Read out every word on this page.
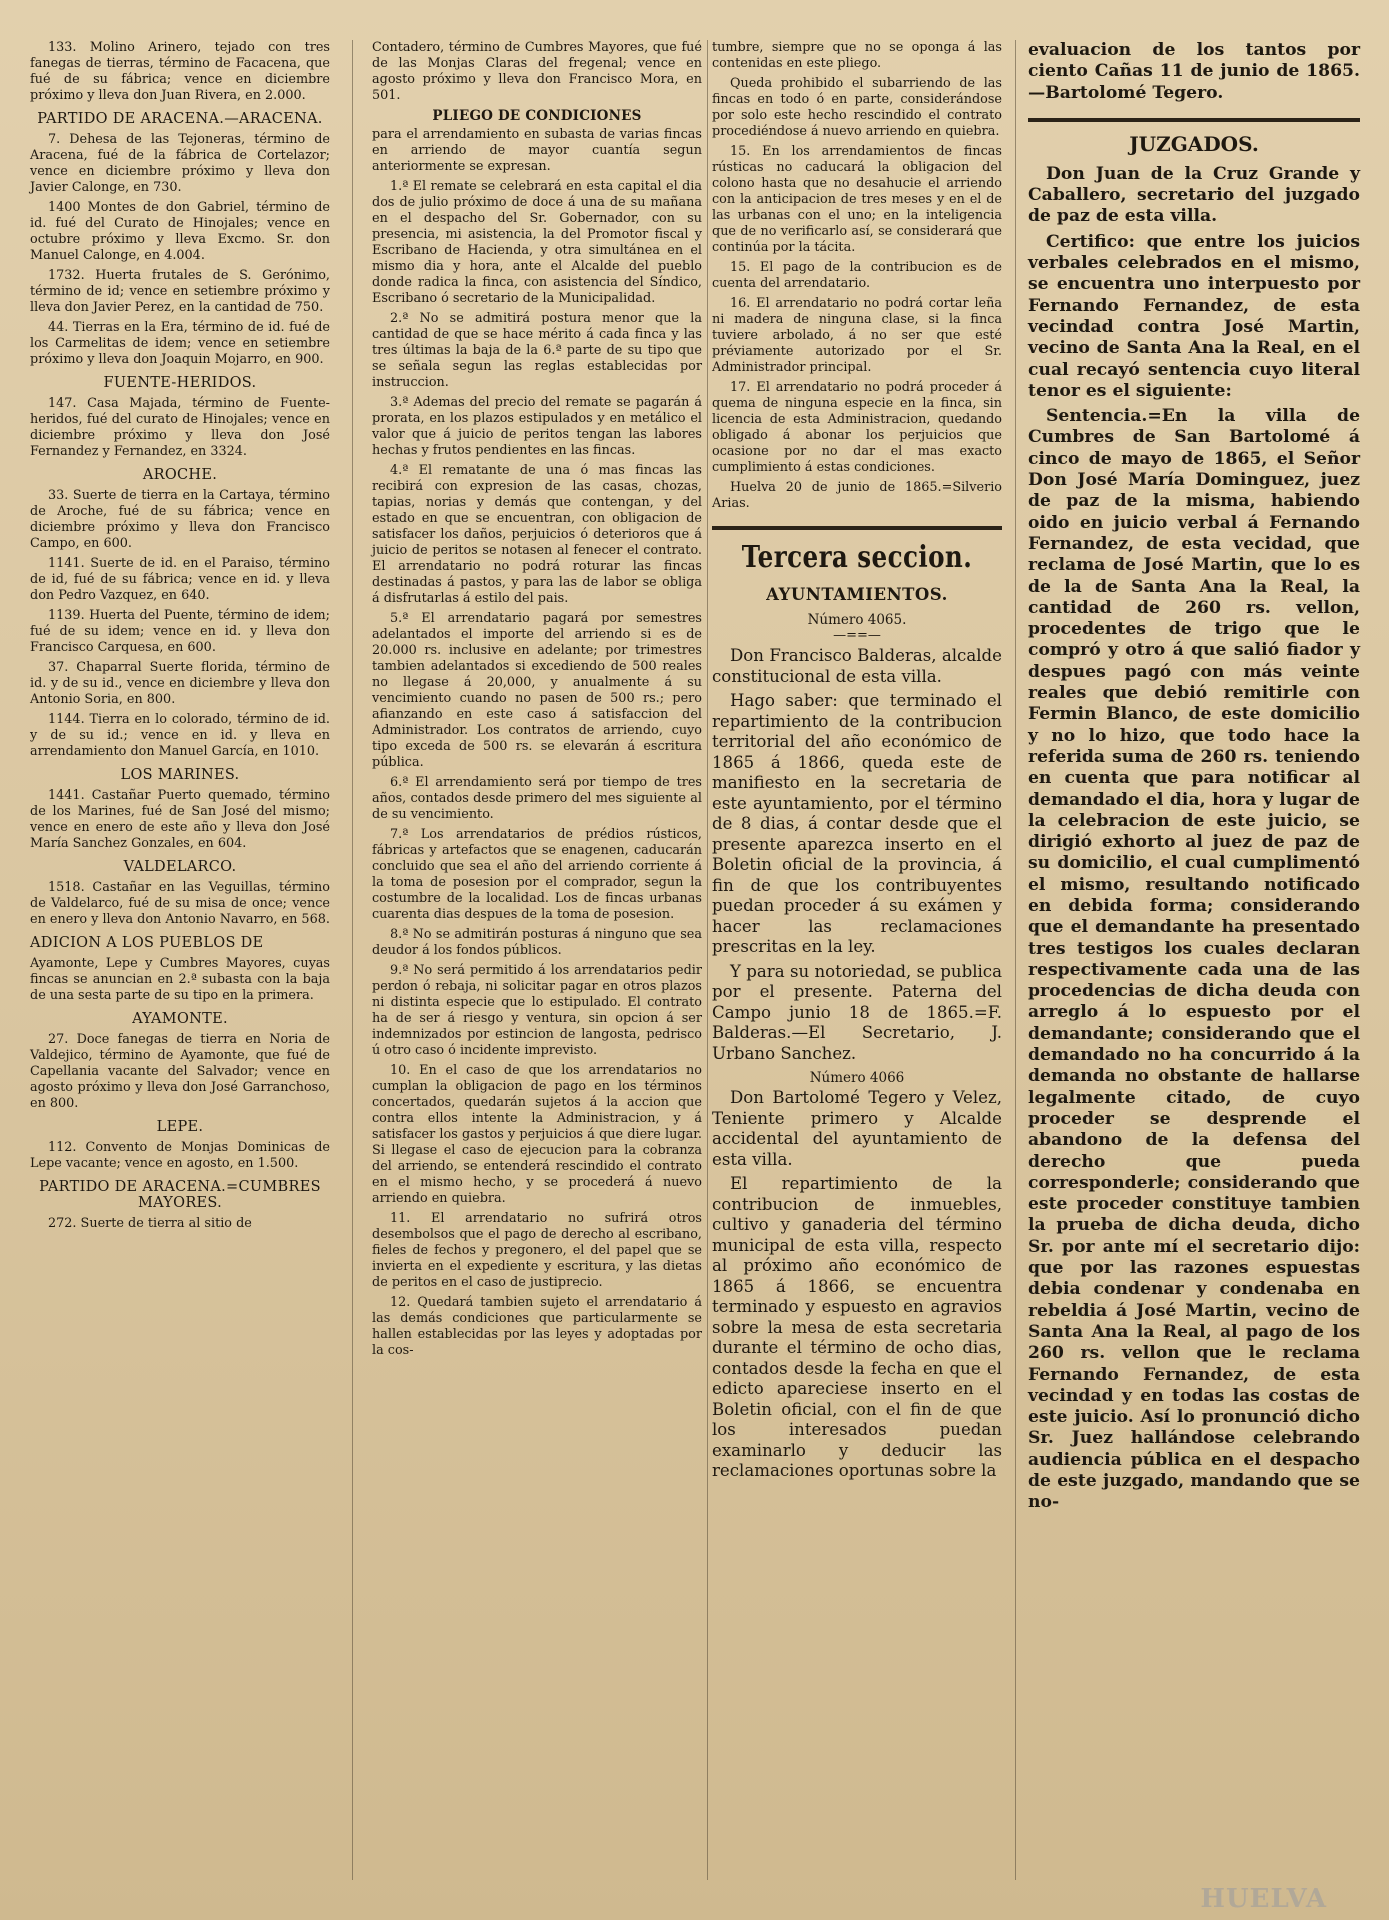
133. Molino Arinero, tejado con tres fanegas de tierras, término de Facacena, que fué de su fábrica; vence en diciembre próximo y lleva don Juan Rivera, en 2.000.

PARTIDO DE ARACENA.—ARACENA.

7. Dehesa de las Tejoneras, término de Aracena, fué de la fábrica de Cortelazor; vence en diciembre próximo y lleva don Javier Calonge, en 730.

1400 Montes de don Gabriel, término de id. fué del Curato de Hinojales; vence en octubre próximo y lleva Excmo. Sr. don Manuel Calonge, en 4.004.

1732. Huerta frutales de S. Gerónimo, término de id; vence en setiembre próximo y lleva don Javier Perez, en la cantidad de 750.

44. Tierras en la Era, término de id. fué de los Carmelitas de idem; vence en setiembre próximo y lleva don Joaquin Mojarro, en 900.

FUENTE-HERIDOS.

147. Casa Majada, término de Fuente-heridos, fué del curato de Hinojales; vence en diciembre próximo y lleva don José Fernandez y Fernandez, en 3324.

AROCHE.

33. Suerte de tierra en la Cartaya, término de Aroche, fué de su fábrica; vence en diciembre próximo y lleva don Francisco Campo, en 600.

1141. Suerte de id. en el Paraiso, término de id, fué de su fábrica; vence en id. y lleva don Pedro Vazquez, en 640.

1139. Huerta del Puente, término de idem; fué de su idem; vence en id. y lleva don Francisco Carquesa, en 600.

37. Chaparral Suerte florida, término de id. y de su id., vence en diciembre y lleva don Antonio Soria, en 800.

1144. Tierra en lo colorado, término de id. y de su id.; vence en id. y lleva en arrendamiento don Manuel García, en 1010.

LOS MARINES.

1441. Castañar Puerto quemado, término de los Marines, fué de San José del mismo; vence en enero de este año y lleva don José María Sanchez Gonzales, en 604.

VALDELARCO.

1518. Castañar en las Veguillas, término de Valdelarco, fué de su misa de once; vence en enero y lleva don Antonio Navarro, en 568.

ADICION A LOS PUEBLOS DE

Ayamonte, Lepe y Cumbres Mayores, cuyas fincas se anuncian en 2.ª subasta con la baja de una sesta parte de su tipo en la primera.

AYAMONTE.

27. Doce fanegas de tierra en Noria de Valdejico, término de Ayamonte, que fué de Capellania vacante del Salvador; vence en agosto próximo y lleva don José Garranchoso, en 800.

LEPE.

112. Convento de Monjas Dominicas de Lepe vacante; vence en agosto, en 1.500.

PARTIDO DE ARACENA.=CUMBRES MAYORES.

272. Suerte de tierra al sitio de

Contadero, término de Cumbres Mayores, que fué de las Monjas Claras del fregenal; vence en agosto próximo y lleva don Francisco Mora, en 501.

PLIEGO DE CONDICIONES

para el arrendamiento en subasta de varias fincas en arriendo de mayor cuantía segun anteriormente se expresan.

1.ª El remate se celebrará en esta capital el dia dos de julio próximo de doce á una de su mañana en el despacho del Sr. Gobernador, con su presencia, mi asistencia, la del Promotor fiscal y Escribano de Hacienda, y otra simultánea en el mismo dia y hora, ante el Alcalde del pueblo donde radica la finca, con asistencia del Síndico, Escribano ó secretario de la Municipalidad.

2.ª No se admitirá postura menor que la cantidad de que se hace mérito á cada finca y las tres últimas la baja de la 6.ª parte de su tipo que se señala segun las reglas establecidas por instruccion.

3.ª Ademas del precio del remate se pagarán á prorata, en los plazos estipulados y en metálico el valor que á juicio de peritos tengan las labores hechas y frutos pendientes en las fincas.

4.ª El rematante de una ó mas fincas las recibirá con expresion de las casas, chozas, tapias, norias y demás que contengan, y del estado en que se encuentran, con obligacion de satisfacer los daños, perjuicios ó deterioros que á juicio de peritos se notasen al fenecer el contrato. El arrendatario no podrá roturar las fincas destinadas á pastos, y para las de labor se obliga á disfrutarlas á estilo del pais.

5.ª El arrendatario pagará por semestres adelantados el importe del arriendo si es de 20.000 rs. inclusive en adelante; por trimestres tambien adelantados si excediendo de 500 reales no llegase á 20,000, y anualmente á su vencimiento cuando no pasen de 500 rs.; pero afianzando en este caso á satisfaccion del Administrador. Los contratos de arriendo, cuyo tipo exceda de 500 rs. se elevarán á escritura pública.

6.ª El arrendamiento será por tiempo de tres años, contados desde primero del mes siguiente al de su vencimiento.

7.ª Los arrendatarios de prédios rústicos, fábricas y artefactos que se enagenen, caducarán concluido que sea el año del arriendo corriente á la toma de posesion por el comprador, segun la costumbre de la localidad. Los de fincas urbanas cuarenta dias despues de la toma de posesion.

8.ª No se admitirán posturas á ninguno que sea deudor á los fondos públicos.

9.ª No será permitido á los arrendatarios pedir perdon ó rebaja, ni solicitar pagar en otros plazos ni distinta especie que lo estipulado. El contrato ha de ser á riesgo y ventura, sin opcion á ser indemnizados por estincion de langosta, pedrisco ú otro caso ó incidente imprevisto.

10. En el caso de que los arrendatarios no cumplan la obligacion de pago en los términos concertados, quedarán sujetos á la accion que contra ellos intente la Administracion, y á satisfacer los gastos y perjuicios á que diere lugar. Si llegase el caso de ejecucion para la cobranza del arriendo, se entenderá rescindido el contrato en el mismo hecho, y se procederá á nuevo arriendo en quiebra.

11. El arrendatario no sufrirá otros desembolsos que el pago de derecho al escribano, fieles de fechos y pregonero, el del papel que se invierta en el expediente y escritura, y las dietas de peritos en el caso de justiprecio.

12. Quedará tambien sujeto el arrendatario á las demás condiciones que particularmente se hallen establecidas por las leyes y adoptadas por la cos-

tumbre, siempre que no se oponga á las contenidas en este pliego.

Queda prohibido el subarriendo de las fincas en todo ó en parte, considerándose por solo este hecho rescindido el contrato procediéndose á nuevo arriendo en quiebra.

15. En los arrendamientos de fincas rústicas no caducará la obligacion del colono hasta que no desahucie el arriendo con la anticipacion de tres meses y en el de las urbanas con el uno; en la inteligencia que de no verificarlo así, se considerará que continúa por la tácita.

15. El pago de la contribucion es de cuenta del arrendatario.

16. El arrendatario no podrá cortar leña ni madera de ninguna clase, si la finca tuviere arbolado, á no ser que esté préviamente autorizado por el Sr. Administrador principal.

17. El arrendatario no podrá proceder á quema de ninguna especie en la finca, sin licencia de esta Administracion, quedando obligado á abonar los perjuicios que ocasione por no dar el mas exacto cumplimiento á estas condiciones.

Huelva 20 de junio de 1865.=Silverio Arias.

Tercera seccion.
AYUNTAMIENTOS.
Número 4065.
—==—

Don Francisco Balderas, alcalde constitucional de esta villa.

Hago saber: que terminado el repartimiento de la contribucion territorial del año económico de 1865 á 1866, queda este de manifiesto en la secretaria de este ayuntamiento, por el término de 8 dias, á contar desde que el presente aparezca inserto en el Boletin oficial de la provincia, á fin de que los contribuyentes puedan proceder á su exámen y hacer las reclamaciones prescritas en la ley.

Y para su notoriedad, se publica por el presente. Paterna del Campo junio 18 de 1865.=F. Balderas.—El Secretario, J. Urbano Sanchez.

Número 4066

Don Bartolomé Tegero y Velez, Teniente primero y Alcalde accidental del ayuntamiento de esta villa.

El repartimiento de la contribucion de inmuebles, cultivo y ganaderia del término municipal de esta villa, respecto al próximo año económico de 1865 á 1866, se encuentra terminado y espuesto en agravios sobre la mesa de esta secretaria durante el término de ocho dias, contados desde la fecha en que el edicto apareciese inserto en el Boletin oficial, con el fin de que los interesados puedan examinarlo y deducir las reclamaciones oportunas sobre la

evaluacion de los tantos por ciento Cañas 11 de junio de 1865.—Bartolomé Tegero.

JUZGADOS.

Don Juan de la Cruz Grande y Caballero, secretario del juzgado de paz de esta villa.

Certifico: que entre los juicios verbales celebrados en el mismo, se encuentra uno interpuesto por Fernando Fernandez, de esta vecindad contra José Martin, vecino de Santa Ana la Real, en el cual recayó sentencia cuyo literal tenor es el siguiente:

Sentencia.=En la villa de Cumbres de San Bartolomé á cinco de mayo de 1865, el Señor Don José María Dominguez, juez de paz de la misma, habiendo oido en juicio verbal á Fernando Fernandez, de esta vecidad, que reclama de José Martin, que lo es de la de Santa Ana la Real, la cantidad de 260 rs. vellon, procedentes de trigo que le compró y otro á que salió fiador y despues pagó con más veinte reales que debió remitirle con Fermin Blanco, de este domicilio y no lo hizo, que todo hace la referida suma de 260 rs. teniendo en cuenta que para notificar al demandado el dia, hora y lugar de la celebracion de este juicio, se dirigió exhorto al juez de paz de su domicilio, el cual cumplimentó el mismo, resultando notificado en debida forma; considerando que el demandante ha presentado tres testigos los cuales declaran respectivamente cada una de las procedencias de dicha deuda con arreglo á lo espuesto por el demandante; considerando que el demandado no ha concurrido á la demanda no obstante de hallarse legalmente citado, de cuyo proceder se desprende el abandono de la defensa del derecho que pueda corresponderle; considerando que este proceder constituye tambien la prueba de dicha deuda, dicho Sr. por ante mí el secretario dijo: que por las razones espuestas debia condenar y condenaba en rebeldia á José Martin, vecino de Santa Ana la Real, al pago de los 260 rs. vellon que le reclama Fernando Fernandez, de esta vecindad y en todas las costas de este juicio. Así lo pronunció dicho Sr. Juez hallándose celebrando audiencia pública en el despacho de este juzgado, mandando que se no-

HUELVA
